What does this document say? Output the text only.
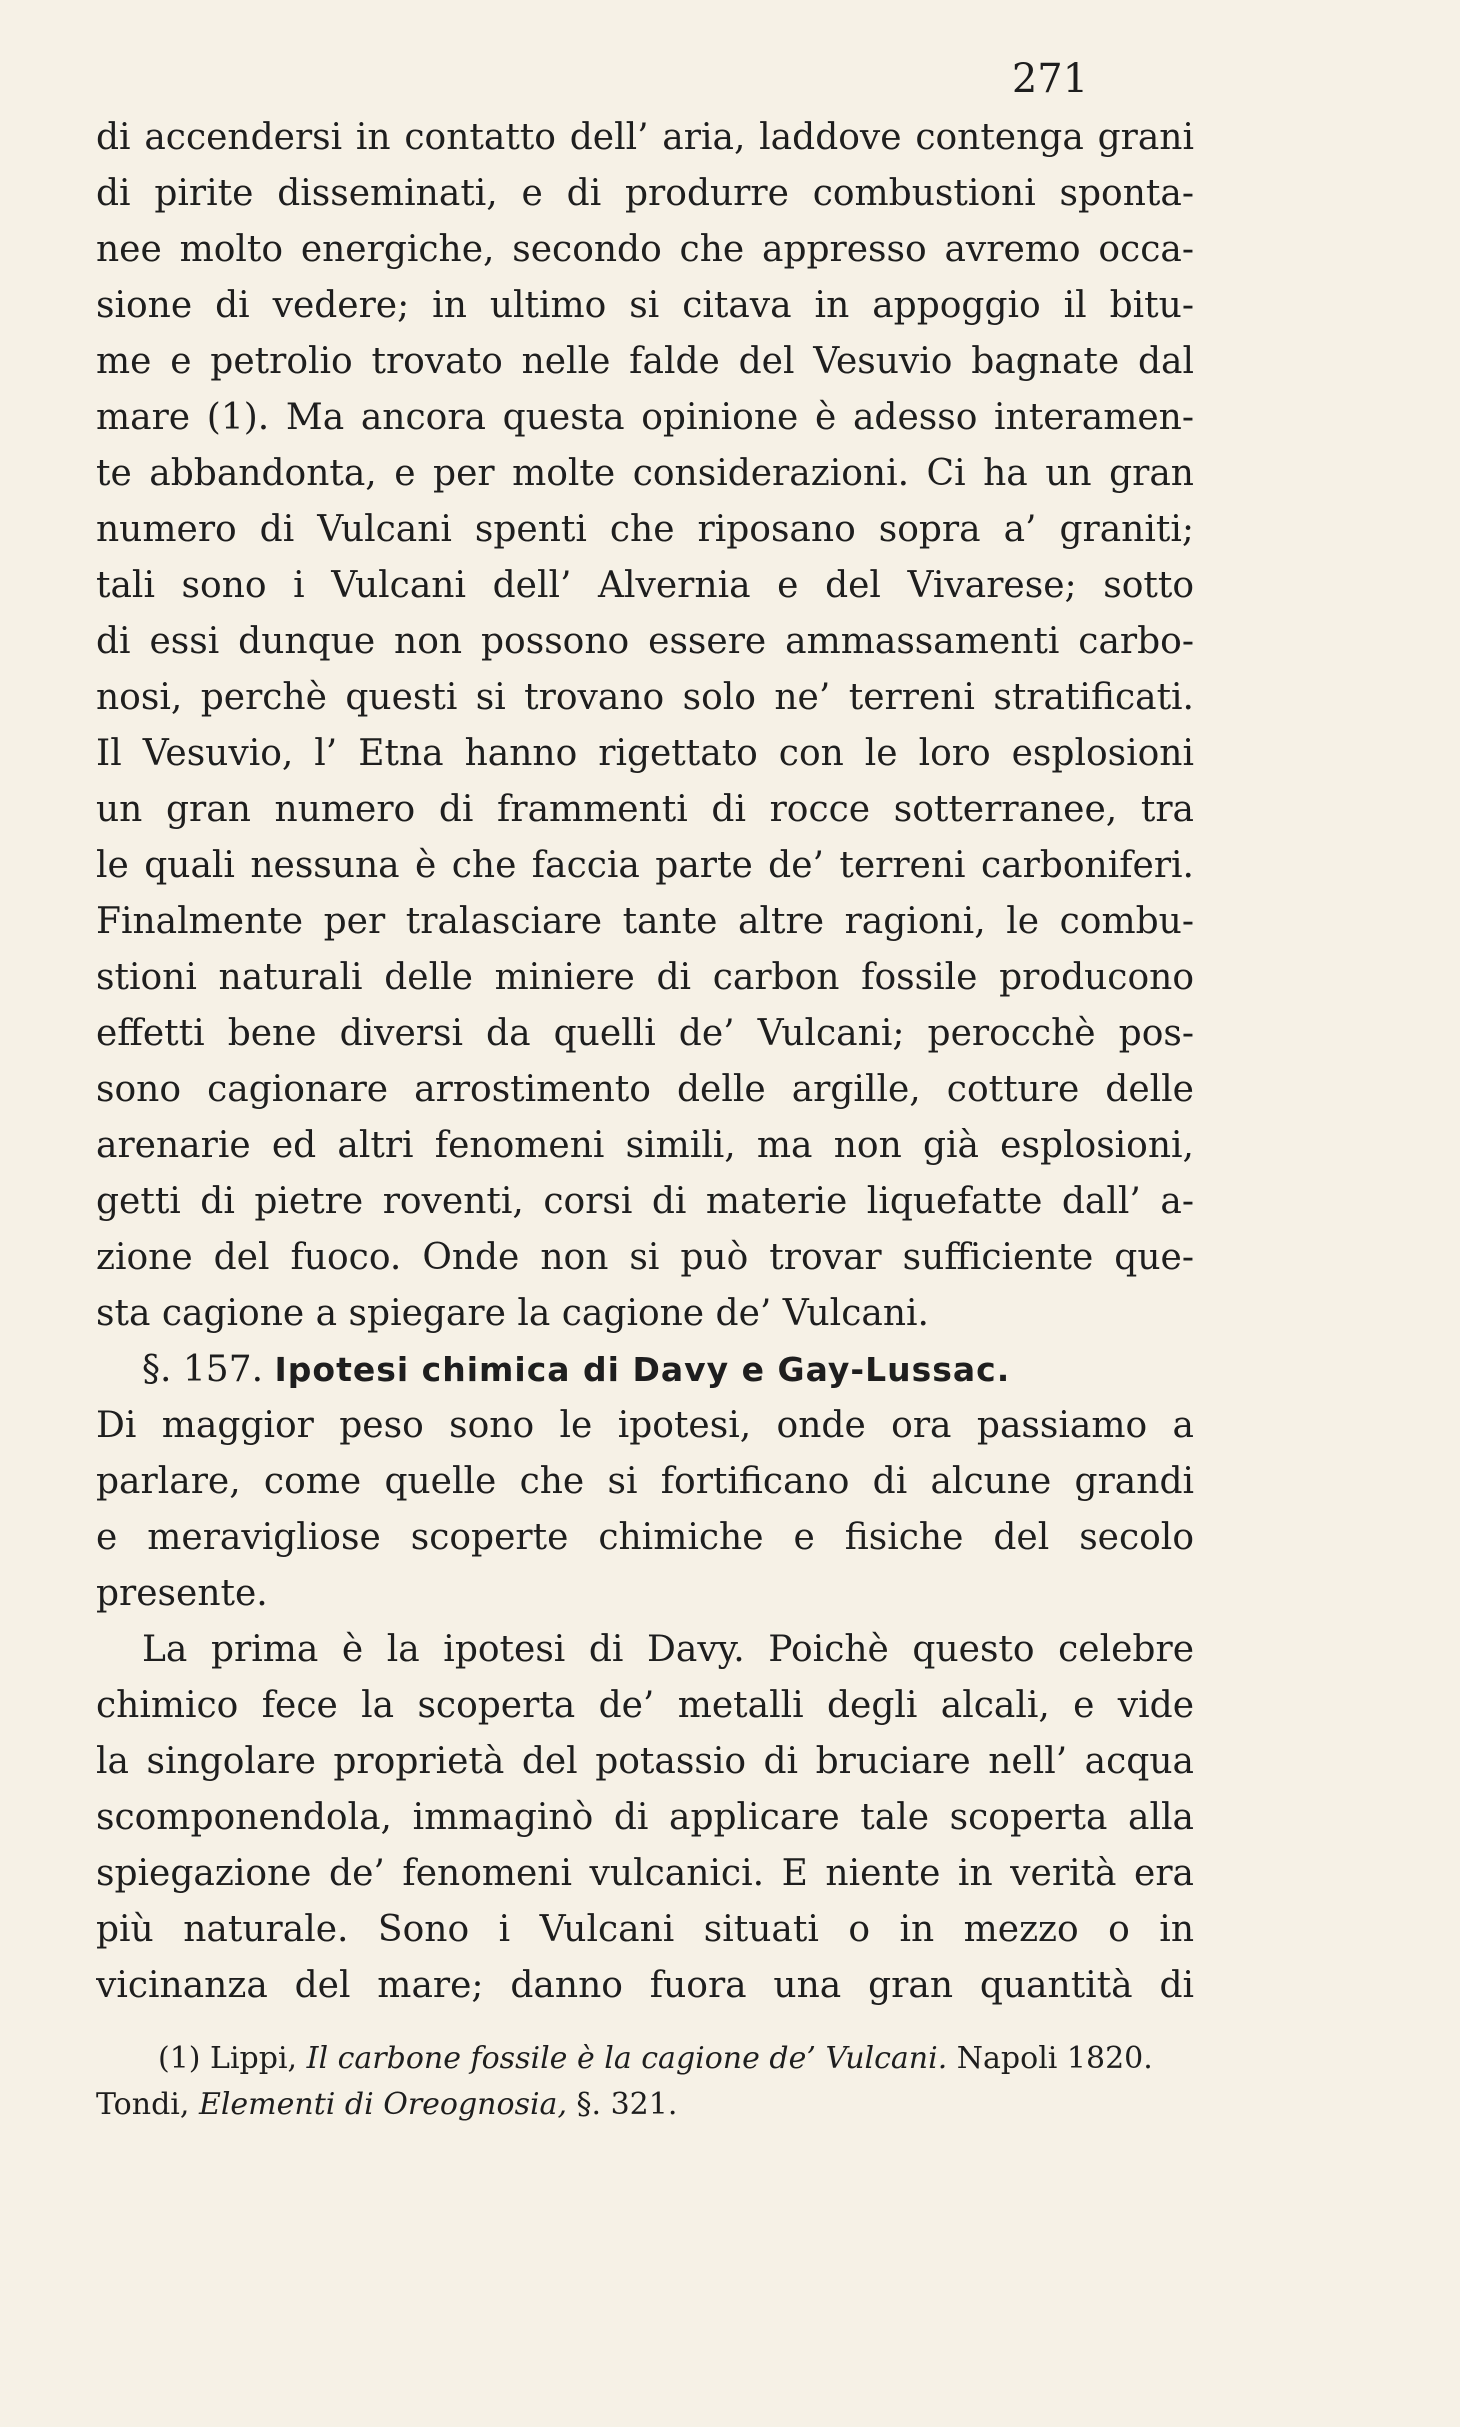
271
di accendersi in contatto dell’ aria, laddove contenga grani
di pirite disseminati, e di produrre combustioni sponta-
nee molto energiche, secondo che appresso avremo occa-
sione di vedere; in ultimo si citava in appoggio il bitu-
me e petrolio trovato nelle falde del Vesuvio bagnate dal
mare (1). Ma ancora questa opinione è adesso interamen-
te abbandonta, e per molte considerazioni. Ci ha un gran
numero di Vulcani spenti che riposano sopra a’ graniti;
tali sono i Vulcani dell’ Alvernia e del Vivarese; sotto
di essi dunque non possono essere ammassamenti carbo-
nosi, perchè questi si trovano solo ne’ terreni stratificati.
Il Vesuvio, l’ Etna hanno rigettato con le loro esplosioni
un gran numero di frammenti di rocce sotterranee, tra
le quali nessuna è che faccia parte de’ terreni carboniferi.
Finalmente per tralasciare tante altre ragioni, le combu-
stioni naturali delle miniere di carbon fossile producono
effetti bene diversi da quelli de’ Vulcani; perocchè pos-
sono cagionare arrostimento delle argille, cotture delle
arenarie ed altri fenomeni simili, ma non già esplosioni,
getti di pietre roventi, corsi di materie liquefatte dall’ a-
zione del fuoco. Onde non si può trovar sufficiente que-
sta cagione a spiegare la cagione de’ Vulcani.
§. 157. Ipotesi chimica di Davy e Gay-Lussac.
Di maggior peso sono le ipotesi, onde ora passiamo a
parlare, come quelle che si fortificano di alcune grandi
e meravigliose scoperte chimiche e fisiche del secolo
presente.
La prima è la ipotesi di Davy. Poichè questo celebre
chimico fece la scoperta de’ metalli degli alcali, e vide
la singolare proprietà del potassio di bruciare nell’ acqua
scomponendola, immaginò di applicare tale scoperta alla
spiegazione de’ fenomeni vulcanici. E niente in verità era
più naturale. Sono i Vulcani situati o in mezzo o in
vicinanza del mare; danno fuora una gran quantità di
(1) Lippi, Il carbone fossile è la cagione de’ Vulcani. Napoli 1820.
Tondi, Elementi di Oreognosia, §. 321.
